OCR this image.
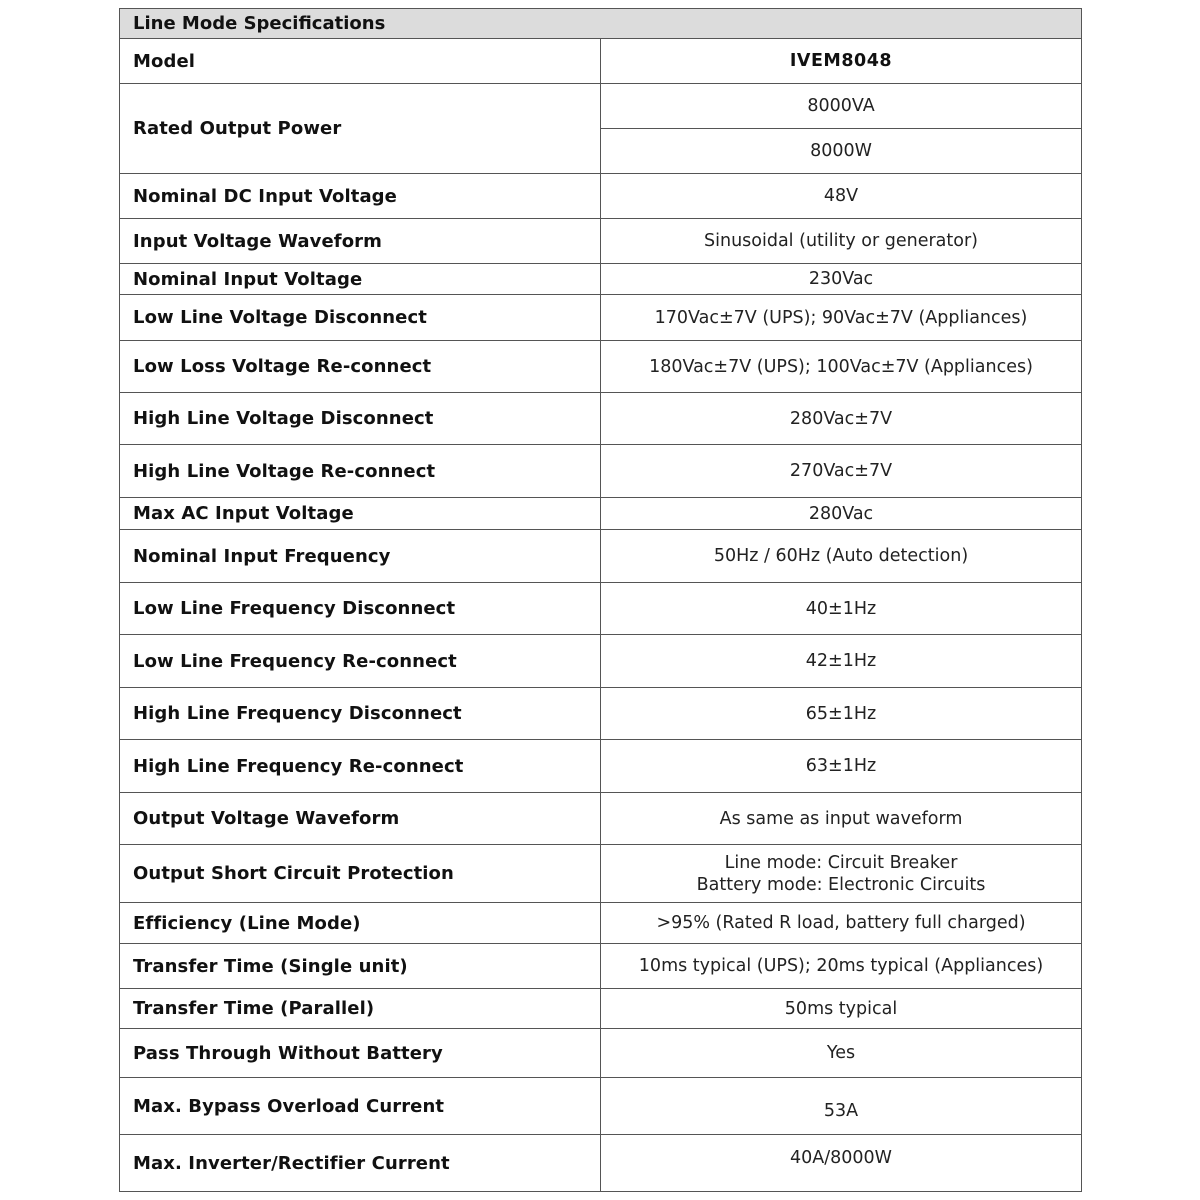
Line Mode Specifications	
Model	IVEM8048
Rated Output Power	8000VA
	8000W
Nominal DC Input Voltage	48V
Input Voltage Waveform	Sinusoidal (utility or generator)
Nominal Input Voltage	230Vac
Low Line Voltage Disconnect	170Vac±7V (UPS); 90Vac±7V (Appliances)
Low Loss Voltage Re-connect	180Vac±7V (UPS); 100Vac±7V (Appliances)
High Line Voltage Disconnect	280Vac±7V
High Line Voltage Re-connect	270Vac±7V
Max AC Input Voltage	280Vac
Nominal Input Frequency	50Hz / 60Hz (Auto detection)
Low Line Frequency Disconnect	40±1Hz
Low Line Frequency Re-connect	42±1Hz
High Line Frequency Disconnect	65±1Hz
High Line Frequency Re-connect	63±1Hz
Output Voltage Waveform	As same as input waveform
Output Short Circuit Protection	Line mode: Circuit Breaker
Battery mode: Electronic Circuits

Efficiency (Line Mode)	>95% (Rated R load, battery full charged)
Transfer Time (Single unit)	10ms typical (UPS); 20ms typical (Appliances)
Transfer Time (Parallel)	50ms typical
Pass Through Without Battery	Yes
Max. Bypass Overload Current	53A
Max. Inverter/Rectifier Current	40A/8000W
